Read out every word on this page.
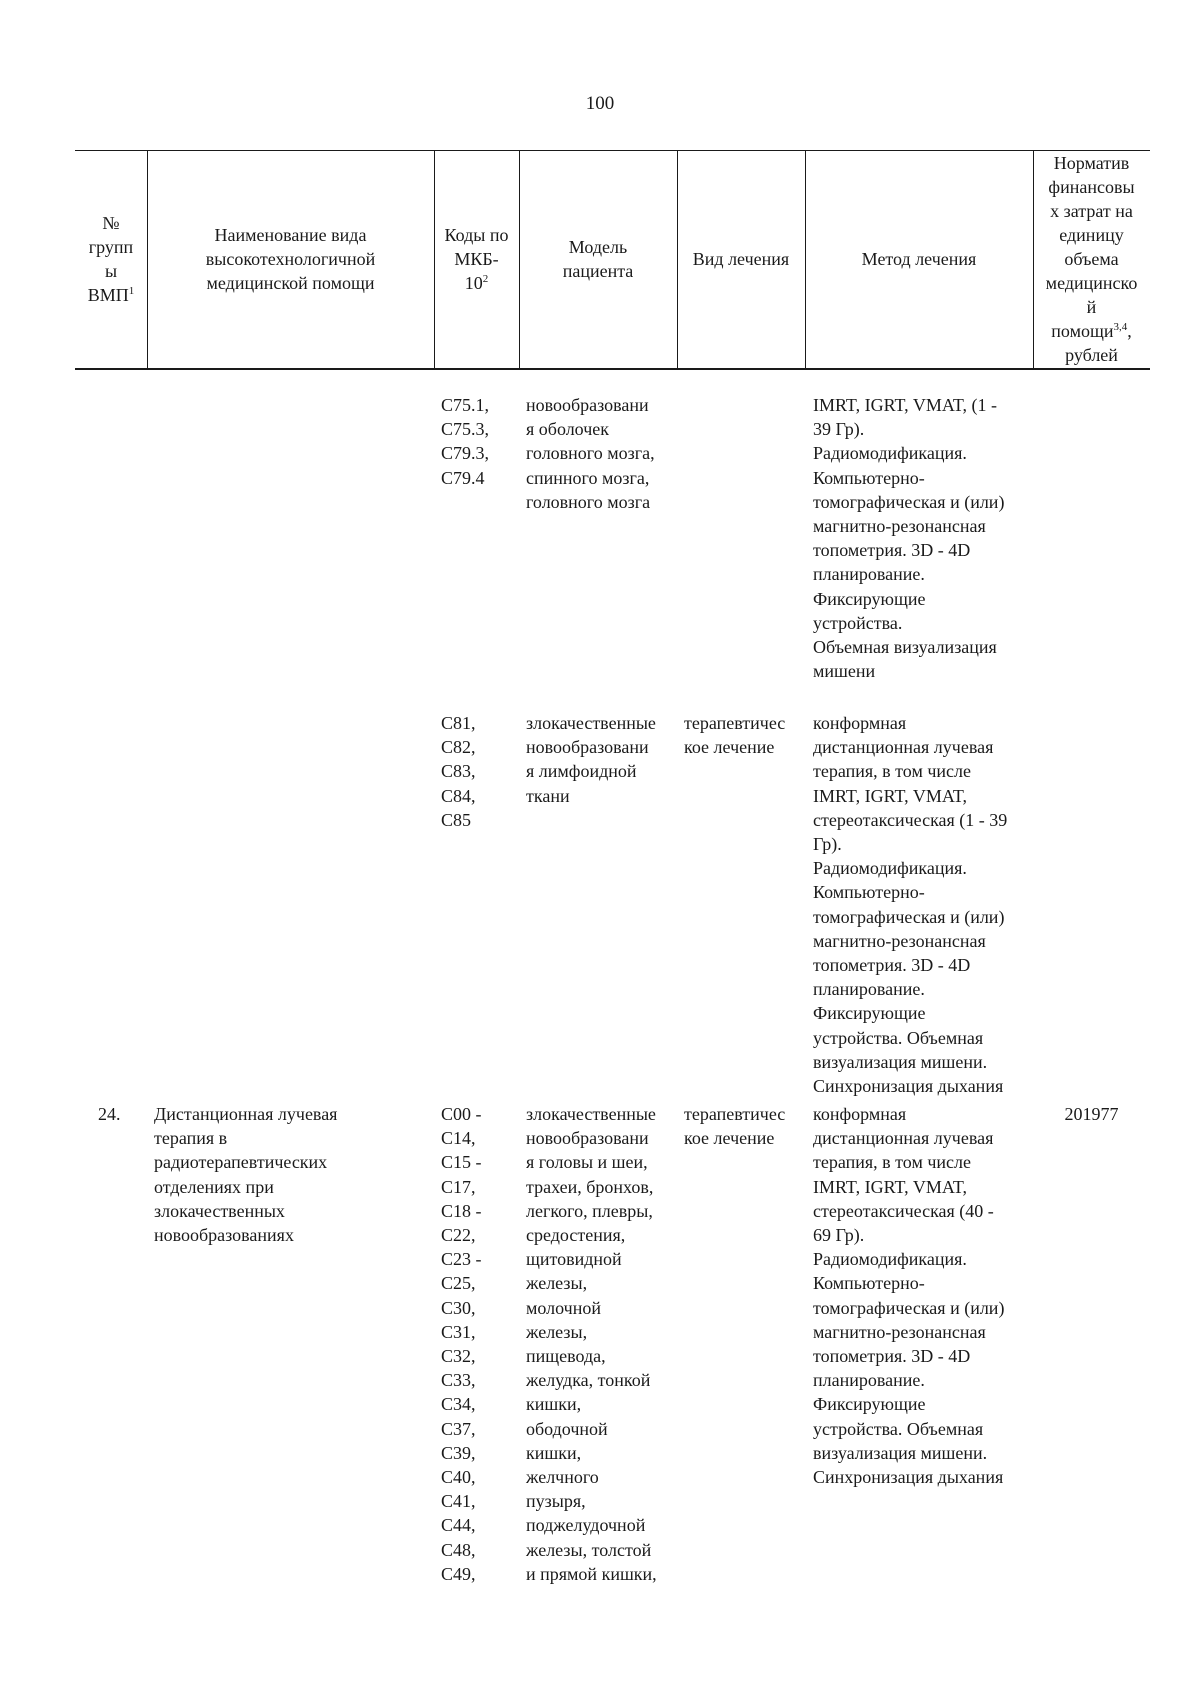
100
№
групп
ы
ВМП$^1$
Наименование вида высокотехнологичной медицинской помощи
Коды по
МКБ-
$10^2$
Модель пациента
Вид лечения	Метод лечения
Норматив
финансовы
х затрат на
единицу
объема
медицинско
й
помощи$^{3,4}$,
рублей
C75.1,
C75.3,
C79.3,
C79.4
новообразовани
я оболочек
головного мозга,
спинного мозга,
головного мозга
IMRT, IGRT, VMAT, (1 -
39 Гр).
Радиомодификация.
Компьютерно-
томографическая и (или)
магнитно-резонансная
топометрия. 3D - 4D
планирование.
Фиксирующие
устройства.
Объемная визуализация
мишени
C81,
C82,
C83,
C84,
C85
злокачественные
новообразовани
я лимфоидной
ткани
терапевтичес
кое лечение
конформная
дистанционная лучевая
терапия, в том числе
IMRT, IGRT, VMAT,
стереотаксическая (1 - 39
Гр).
Радиомодификация.
Компьютерно-
томографическая и (или)
магнитно-резонансная
топометрия. 3D - 4D
планирование.
Фиксирующие
устройства. Объемная
визуализация мишени.
Синхронизация дыхания
24.	Дистанционная лучевая
терапия в
радиотерапевтических
отделениях при
злокачественных
новообразованиях
C00 -
C14,
C15 -
C17,
C18 -
C22,
C23 -
C25,
C30,
C31,
C32,
C33,
C34,
C37,
C39,
C40,
C41,
C44,
C48,
C49,
злокачественные
новообразовани
я головы и шеи,
трахеи, бронхов,
легкого, плевры,
средостения,
щитовидной
железы,
молочной
железы,
пищевода,
желудка, тонкой
кишки,
ободочной
кишки,
желчного
пузыря,
поджелудочной
железы, толстой
и прямой кишки,
терапевтичес
кое лечение
конформная
дистанционная лучевая
терапия, в том числе
IMRT, IGRT, VMAT,
стереотаксическая (40 -
69 Гр).
Радиомодификация.
Компьютерно-
томографическая и (или)
магнитно-резонансная
топометрия. 3D - 4D
планирование.
Фиксирующие
устройства. Объемная
визуализация мишени.
Синхронизация дыхания
201977
